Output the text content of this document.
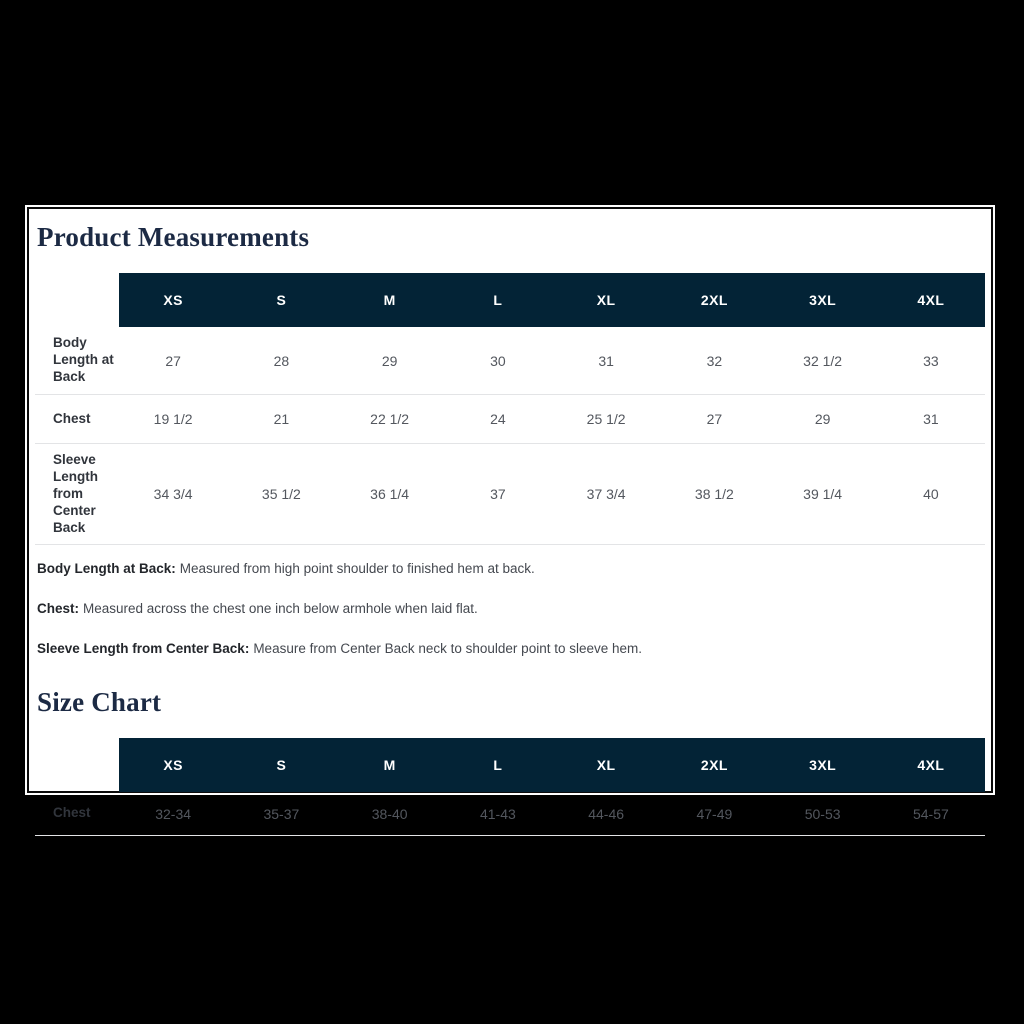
Product Measurements
	XS	S	M	L	XL	2XL	3XL	4XL
Body Length at Back	27	28	29	30	31	32	32 1/2	33
Chest	19 1/2	21	22 1/2	24	25 1/2	27	29	31
Sleeve Length from Center Back	34 3/4	35 1/2	36 1/4	37	37 3/4	38 1/2	39 1/4	40

Body Length at Back: Measured from high point shoulder to finished hem at back.

Chest: Measured across the chest one inch below armhole when laid flat.

Sleeve Length from Center Back: Measure from Center Back neck to shoulder point to sleeve hem.

Size Chart
	XS	S	M	L	XL	2XL	3XL	4XL
Chest	32-34	35-37	38-40	41-43	44-46	47-49	50-53	54-57
